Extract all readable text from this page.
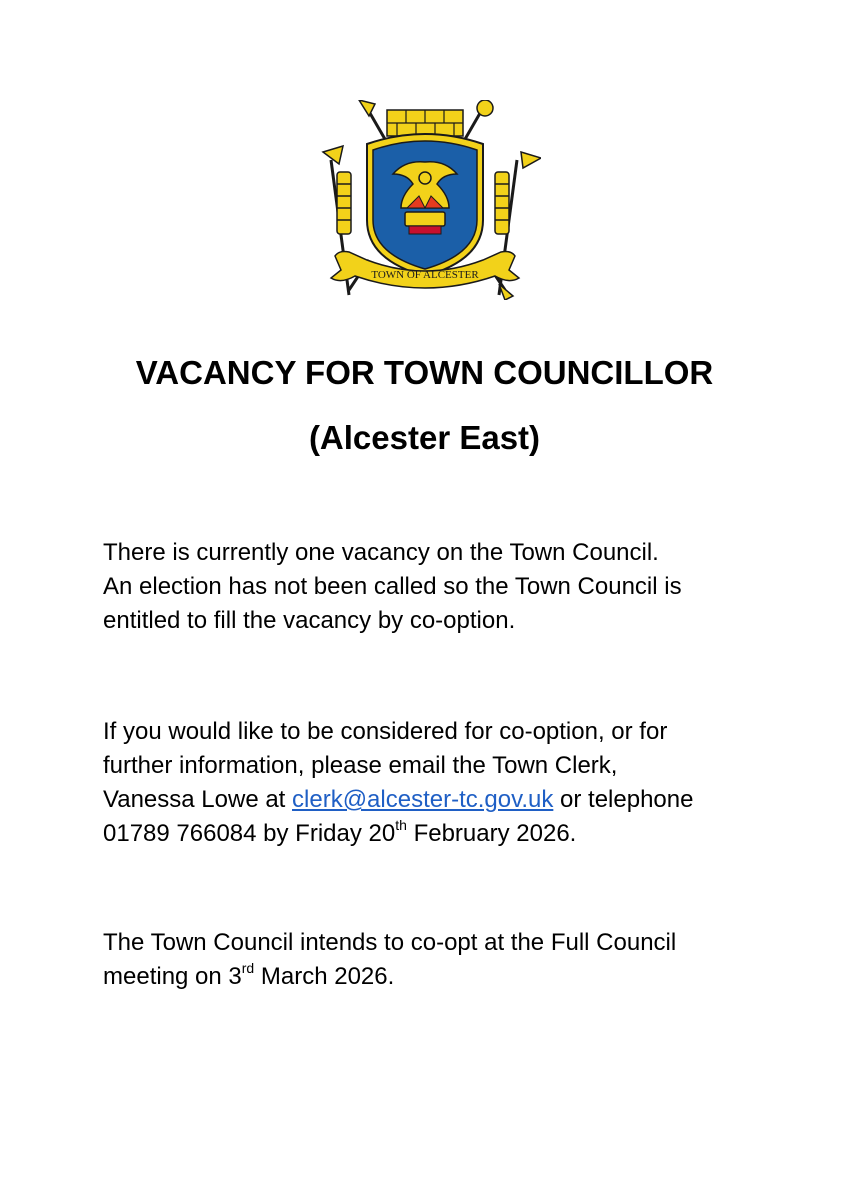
TOWN OF ALCESTER
VACANCY FOR TOWN COUNCILLOR
(Alcester East)

There is currently one vacancy on the Town Council.

An election has not been called so the Town Council is

entitled to fill the vacancy by co-option.

If you would like to be considered for co-option, or for

further information, please email the Town Clerk,

Vanessa Lowe at clerk@alcester-tc.gov.uk or telephone

01789 766084 by Friday 20th February 2026.

The Town Council intends to co-opt at the Full Council

meeting on 3rd March 2026.
